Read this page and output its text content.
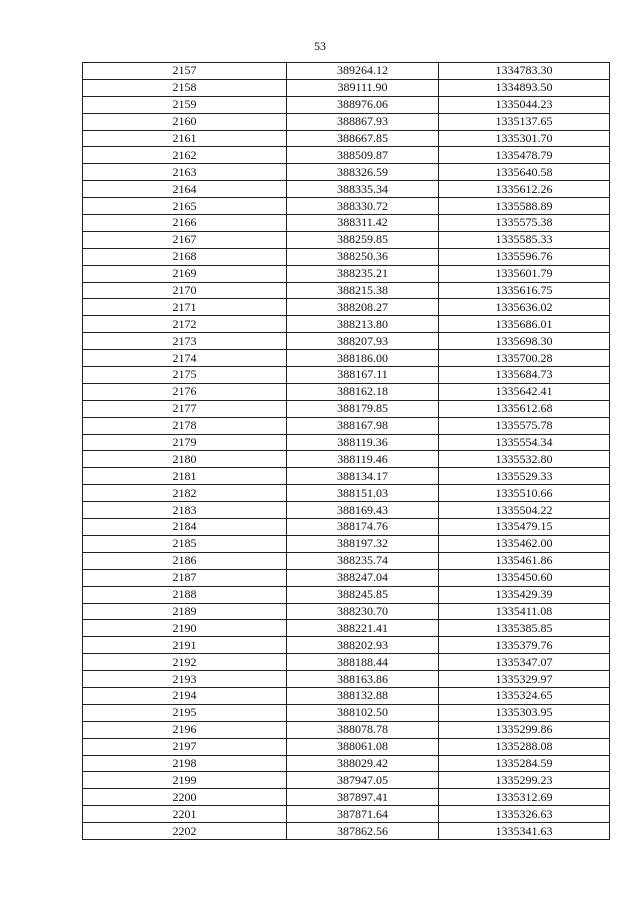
53
2157	389264.12	1334783.30
2158	389111.90	1334893.50
2159	388976.06	1335044.23
2160	388867.93	1335137.65
2161	388667.85	1335301.70
2162	388509.87	1335478.79
2163	388326.59	1335640.58
2164	388335.34	1335612.26
2165	388330.72	1335588.89
2166	388311.42	1335575.38
2167	388259.85	1335585.33
2168	388250.36	1335596.76
2169	388235.21	1335601.79
2170	388215.38	1335616.75
2171	388208.27	1335636.02
2172	388213.80	1335686.01
2173	388207.93	1335698.30
2174	388186.00	1335700.28
2175	388167.11	1335684.73
2176	388162.18	1335642.41
2177	388179.85	1335612.68
2178	388167.98	1335575.78
2179	388119.36	1335554.34
2180	388119.46	1335532.80
2181	388134.17	1335529.33
2182	388151.03	1335510.66
2183	388169.43	1335504.22
2184	388174.76	1335479.15
2185	388197.32	1335462.00
2186	388235.74	1335461.86
2187	388247.04	1335450.60
2188	388245.85	1335429.39
2189	388230.70	1335411.08
2190	388221.41	1335385.85
2191	388202.93	1335379.76
2192	388188.44	1335347.07
2193	388163.86	1335329.97
2194	388132.88	1335324.65
2195	388102.50	1335303.95
2196	388078.78	1335299.86
2197	388061.08	1335288.08
2198	388029.42	1335284.59
2199	387947.05	1335299.23
2200	387897.41	1335312.69
2201	387871.64	1335326.63
2202	387862.56	1335341.63
